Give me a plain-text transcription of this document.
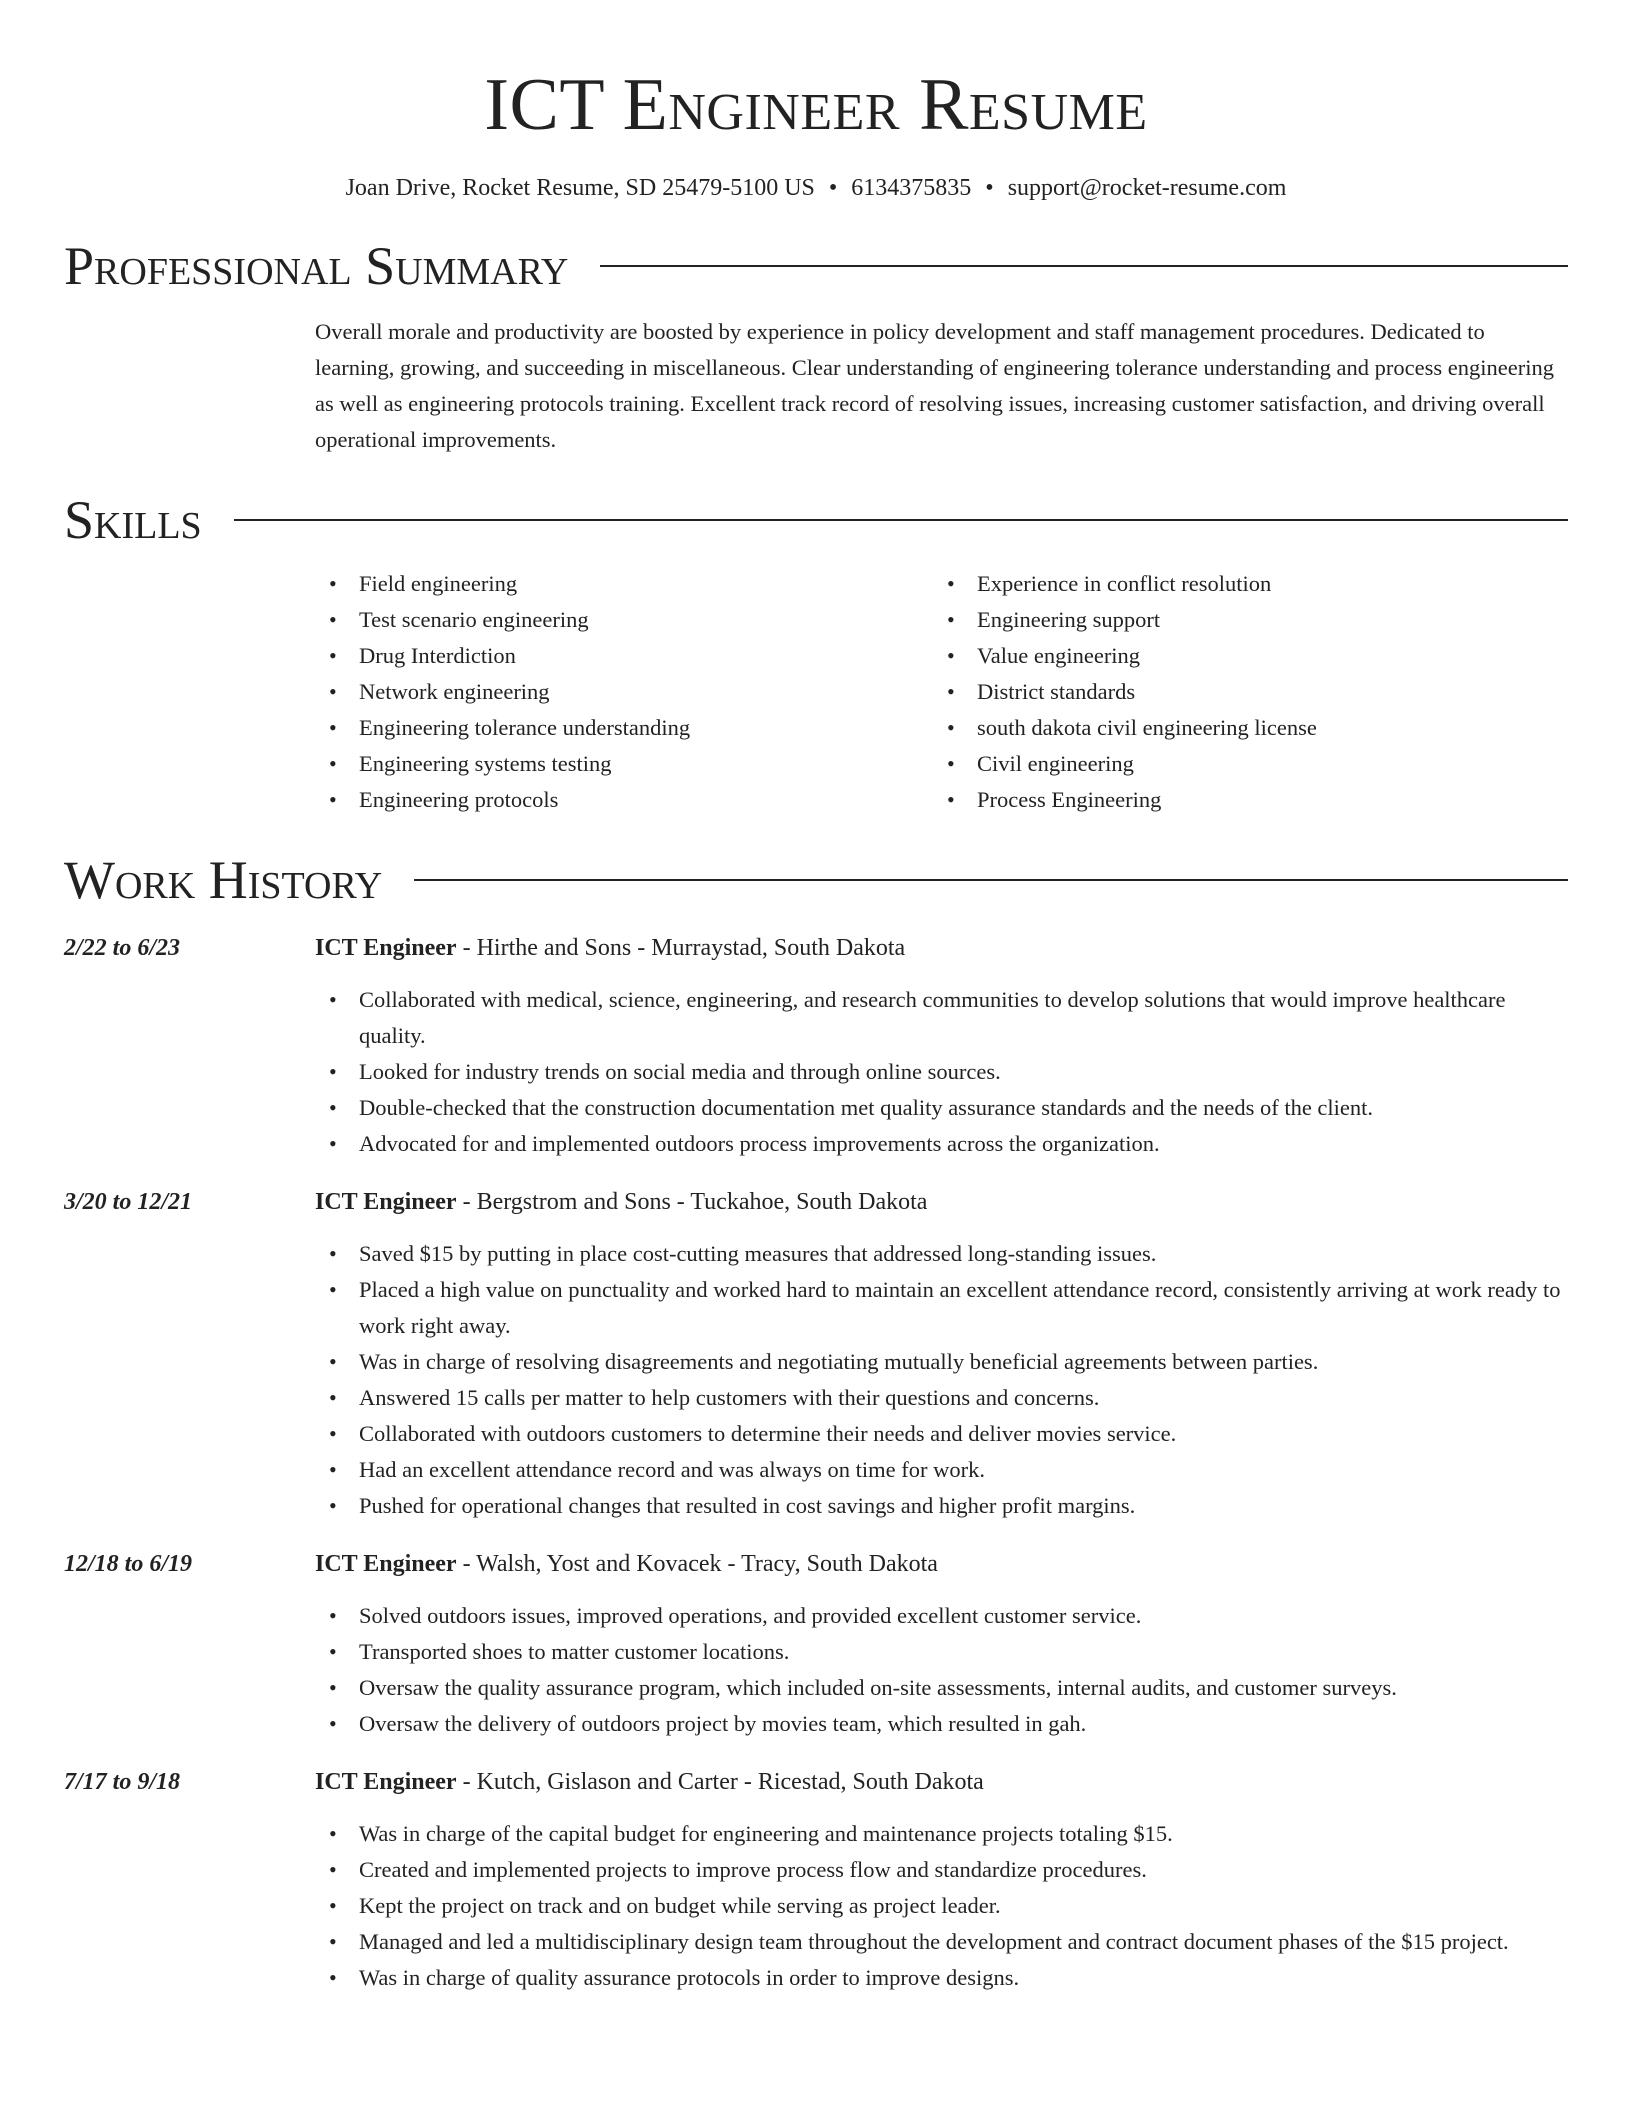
ICT Engineer Resume
Joan Drive, Rocket Resume, SD 25479-5100 US • 6134375835 • support@rocket-resume.com
Professional Summary

Overall morale and productivity are boosted by experience in policy development and staff management procedures. Dedicated to learning, growing, and succeeding in miscellaneous. Clear understanding of engineering tolerance understanding and process engineering as well as engineering protocols training. Excellent track record of resolving issues, increasing customer satisfaction, and driving overall operational improvements.

Skills
• Field engineering
• Test scenario engineering
• Drug Interdiction
• Network engineering
• Engineering tolerance understanding
• Engineering systems testing
• Engineering protocols
• Experience in conflict resolution
• Engineering support
• Value engineering
• District standards
• south dakota civil engineering license
• Civil engineering
• Process Engineering
Work History
2/22 to 6/23	ICT Engineer - Hirthe and Sons - Murraystad, South Dakota
• Collaborated with medical, science, engineering, and research communities to develop solutions that would improve healthcare quality.
• Looked for industry trends on social media and through online sources.
• Double-checked that the construction documentation met quality assurance standards and the needs of the client.
• Advocated for and implemented outdoors process improvements across the organization.
3/20 to 12/21	ICT Engineer - Bergstrom and Sons - Tuckahoe, South Dakota
• Saved $15 by putting in place cost-cutting measures that addressed long-standing issues.
• Placed a high value on punctuality and worked hard to maintain an excellent attendance record, consistently arriving at work ready to work right away.
• Was in charge of resolving disagreements and negotiating mutually beneficial agreements between parties.
• Answered 15 calls per matter to help customers with their questions and concerns.
• Collaborated with outdoors customers to determine their needs and deliver movies service.
• Had an excellent attendance record and was always on time for work.
• Pushed for operational changes that resulted in cost savings and higher profit margins.
12/18 to 6/19	ICT Engineer - Walsh, Yost and Kovacek - Tracy, South Dakota
• Solved outdoors issues, improved operations, and provided excellent customer service.
• Transported shoes to matter customer locations.
• Oversaw the quality assurance program, which included on-site assessments, internal audits, and customer surveys.
• Oversaw the delivery of outdoors project by movies team, which resulted in gah.
7/17 to 9/18	ICT Engineer - Kutch, Gislason and Carter - Ricestad, South Dakota
• Was in charge of the capital budget for engineering and maintenance projects totaling $15.
• Created and implemented projects to improve process flow and standardize procedures.
• Kept the project on track and on budget while serving as project leader.
• Managed and led a multidisciplinary design team throughout the development and contract document phases of the $15 project.
• Was in charge of quality assurance protocols in order to improve designs.
